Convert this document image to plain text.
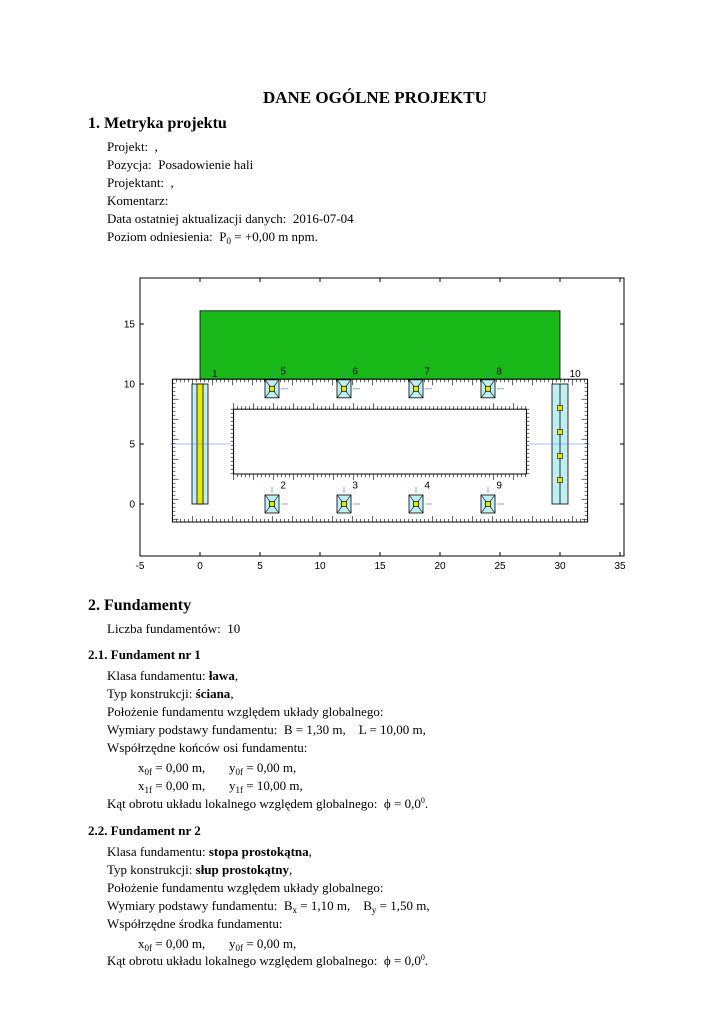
DANE OGÓLNE PROJEKTU
1. Metryka projektu
Projekt: ,
Pozycja: Posadowienie hali
Projektant: ,
Komentarz:
Data ostatniej aktualizacji danych: 2016-07-04
Poziom odniesienia: $P_0 = +0,00$ m npm.
-5	0	5	10	15	20	25	30	35
0
5
10
15
1
2	3	4
5	6	7	8
9
10
2. Fundamenty
Liczba fundamentów: 10
2.1. Fundament nr 1
Klasa fundamentu: ława,
Typ konstrukcji: ściana,
Położenie fundamentu względem układy globalnego:
Wymiary podstawy fundamentu: B = 1,30 m, L = 10,00 m,
Współrzędne końców osi fundamentu:
$x_{0f} = 0,00$ m, $y_{0f} = 0,00$ m,
$x_{1f} = 0,00$ m, $y_{1f} = 10,00$ m,
Kąt obrotu układu lokalnego względem globalnego: $\phi = 0,0^0$.
2.2. Fundament nr 2
Klasa fundamentu: stopa prostokątna,
Typ konstrukcji: słup prostokątny,
Położenie fundamentu względem układy globalnego:
Wymiary podstawy fundamentu: $B_x = 1,10$ m, $B_y = 1,50$ m,
Współrzędne środka fundamentu:
$x_{0f} = 0,00$ m, $y_{0f} = 0,00$ m,
Kąt obrotu układu lokalnego względem globalnego: $\phi = 0,0^0$.
